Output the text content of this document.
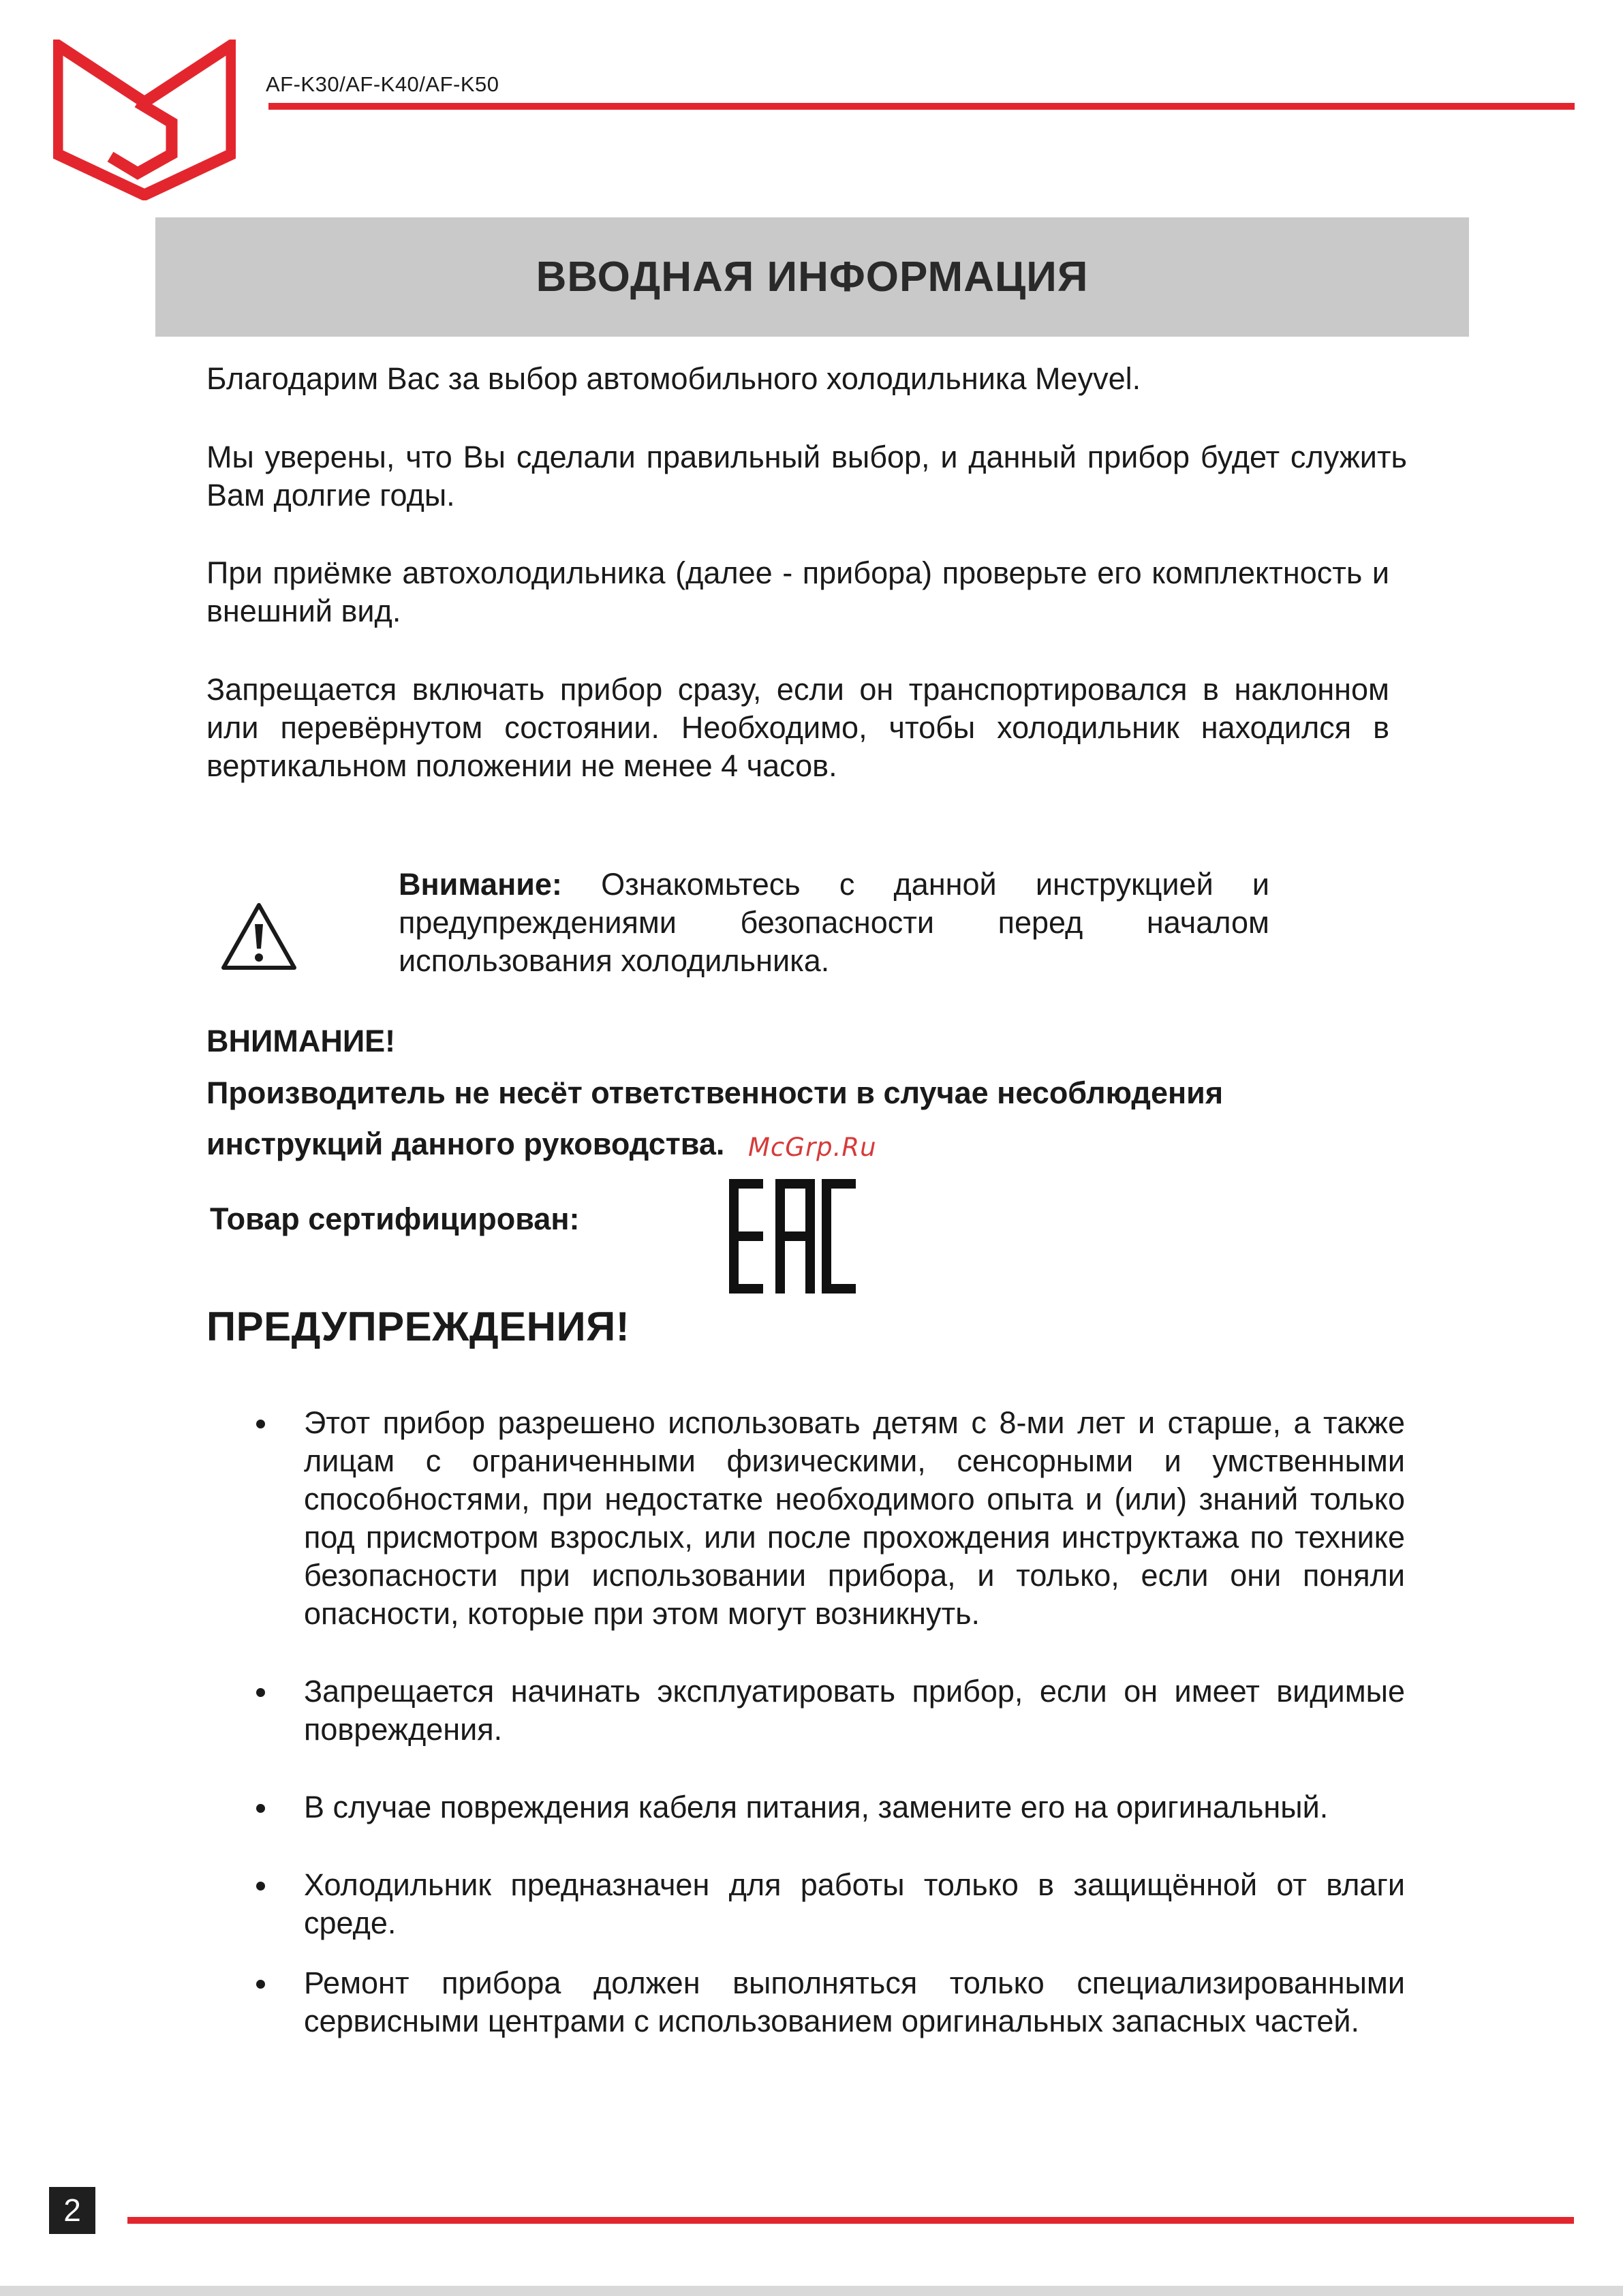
AF-K30/AF-K40/AF-K50
ВВОДНАЯ ИНФОРМАЦИЯ

Благодарим Вас за выбор автомобильного холодильника Meyvel.

Мы уверены, что Вы сделали правильный выбор, и данный прибор будет служить Вам долгие годы.

При приёмке автохолодильника (далее - прибора) проверьте его комплектность и внешний вид.

Запрещается включать прибор сразу, если он транспортировался в наклонном или перевёрнутом состоянии. Необходимо, чтобы холодильник находился в вертикальном положении не менее 4 часов.

Внимание: Ознакомьтесь с данной инструкцией и предупреждениями безопасности перед началом использования холодильника.

ВНИМАНИЕ!
Производитель не несёт ответственности в случае несоблюдения
инструкций данного руководства. McGrp.Ru
Товар сертифицирован:
ПРЕДУПРЕЖДЕНИЯ!
Этот прибор разрешено использовать детям с 8-ми лет и старше, а также лицам с ограниченными физическими, сенсорными и умственными способностями, при недостатке необходимого опыта и (или) знаний только под присмотром взрослых, или после прохождения инструктажа по технике безопасности при использовании прибора, и только, если они поняли опасности, которые при этом могут возникнуть.
Запрещается начинать эксплуатировать прибор, если он имеет видимые повреждения.
В случае повреждения кабеля питания, замените его на оригинальный.
Холодильник предназначен для работы только в защищённой от влаги среде.
Ремонт прибора должен выполняться только специализированными сервисными центрами с использованием оригинальных запасных частей.
2
